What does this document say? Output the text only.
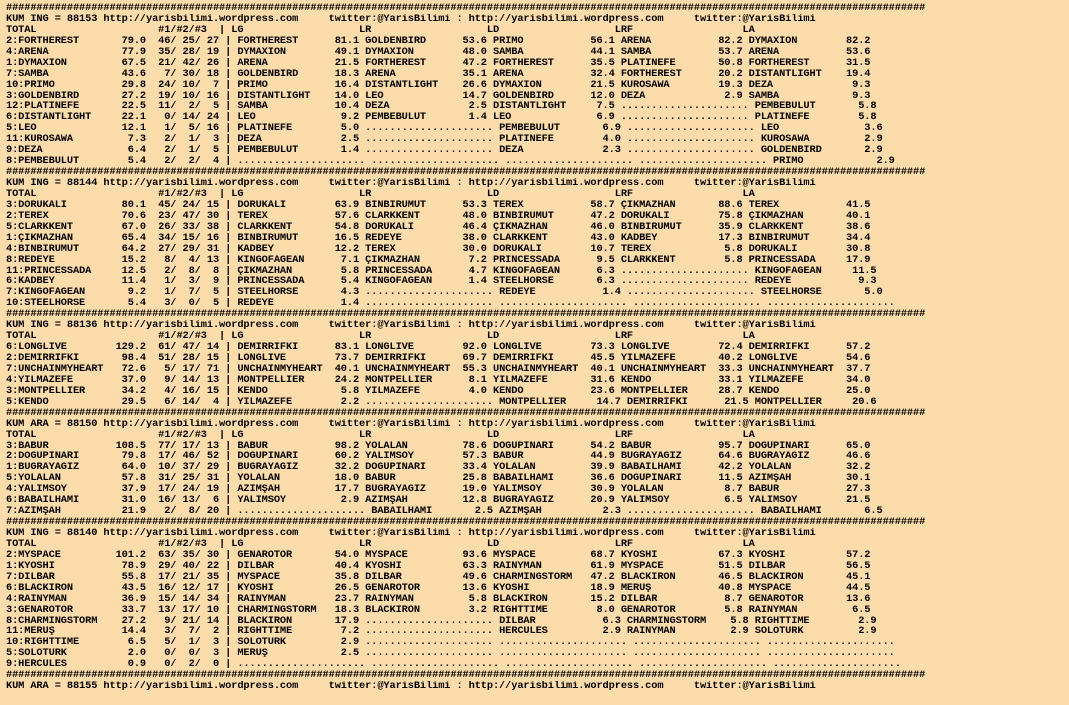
#######################################################################################################################################################
KUM ING = 88153 http://yarisbilimi.wordpress.com     twitter:@YarisBilimi : http://yarisbilimi.wordpress.com     twitter:@YarisBilimi
TOTAL                    #1/#2/#3  | LG                   LR                   LD                   LRF                  LA
2:FORTHEREST       79.0  46/ 25/ 27 | FORTHEREST      81.1 GOLDENBIRD      53.6 PRIMO           56.1 ARENA           82.2 DYMAXION        82.2
4:ARENA            77.9  35/ 28/ 19 | DYMAXION        49.1 DYMAXION        48.0 SAMBA           44.1 SAMBA           53.7 ARENA           53.6
1:DYMAXION         67.5  21/ 42/ 26 | ARENA           21.5 FORTHEREST      47.2 FORTHEREST      35.5 PLATİNEFE       50.8 FORTHEREST      31.5
7:SAMBA            43.6   7/ 30/ 18 | GOLDENBIRD      18.3 ARENA           35.1 ARENA           32.4 FORTHEREST      20.2 DISTANTLIGHT    19.4
10:PRIMO           29.8  24/ 10/  7 | PRIMO           16.4 DISTANTLIGHT    26.6 DYMAXION        21.5 KUROSAWA        19.3 DEZA             9.3
3:GOLDENBIRD       27.2  19/ 10/ 16 | DISTANTLIGHT    14.0 LEO             14.7 GOLDENBIRD      12.0 DEZA             2.9 SAMBA            9.3
12:PLATİNEFE       22.5  11/  2/  5 | SAMBA           10.4 DEZA             2.5 DISTANTLIGHT     7.5 ..................... PEMBEBULUT       5.8
6:DISTANTLIGHT     22.1   0/ 14/ 24 | LEO              9.2 PEMBEBULUT       1.4 LEO              6.9 ..................... PLATİNEFE        5.8
5:LEO              12.1   1/  5/ 16 | PLATİNEFE        5.0 ..................... PEMBEBULUT       6.9 ..................... LEO              3.6
11:KUROSAWA         7.3   2/  1/  3 | DEZA             2.5 ..................... PLATİNEFE        4.0 ..................... KUROSAWA         2.9
9:DEZA              6.4   2/  1/  5 | PEMBEBULUT       1.4 ..................... DEZA             2.3 ..................... GOLDENBIRD       2.9
8:PEMBEBULUT        5.4   2/  2/  4 | ..................... ..................... ..................... ..................... PRIMO            2.9
#######################################################################################################################################################
KUM ING = 88144 http://yarisbilimi.wordpress.com     twitter:@YarisBilimi : http://yarisbilimi.wordpress.com     twitter:@YarisBilimi
TOTAL                    #1/#2/#3  | LG                   LR                   LD                   LRF                  LA
3:DORUKALİ         80.1  45/ 24/ 15 | DORUKALİ        63.9 BİNBİRUMUT      53.3 TEREX           58.7 ÇIKMAZHAN       88.6 TEREX           41.5
2:TEREX            70.6  23/ 47/ 30 | TEREX           57.6 CLARKKENT       48.0 BİNBİRUMUT      47.2 DORUKALİ        75.8 ÇIKMAZHAN       40.1
5:CLARKKENT        67.0  26/ 33/ 38 | CLARKKENT       54.8 DORUKALİ        46.4 ÇIKMAZHAN       46.0 BİNBİRUMUT      35.9 CLARKKENT       38.6
1:ÇIKMAZHAN        65.4  34/ 15/ 16 | BİNBİRUMUT      16.5 REDEYE          38.0 CLARKKENT       43.0 KADBEY          17.3 BİNBİRUMUT      34.4
4:BİNBİRUMUT       64.2  27/ 29/ 31 | KADBEY          12.2 TEREX           30.0 DORUKALİ        10.7 TEREX            5.8 DORUKALİ        30.8
8:REDEYE           15.2   8/  4/ 13 | KINGOFAGEAN      7.1 ÇIKMAZHAN        7.2 PRINCESSADA      9.5 CLARKKENT        5.8 PRINCESSADA     17.9
11:PRINCESSADA     12.5   2/  8/  8 | ÇIKMAZHAN        5.8 PRINCESSADA      4.7 KINGOFAGEAN      6.3 ..................... KINGOFAGEAN     11.5
6:KADBEY           11.4   1/  3/  9 | PRINCESSADA      5.4 KINGOFAGEAN      1.4 STEELHORSE       6.3 ..................... REDEYE           9.3
7:KINGOFAGEAN       9.2   1/  7/  5 | STEELHORSE       4.3 ..................... REDEYE           1.4 ..................... STEELHORSE       5.0
10:STEELHORSE       5.4   3/  0/  5 | REDEYE           1.4 ..................... ..................... ..................... .....................
#######################################################################################################################################################
KUM ING = 88136 http://yarisbilimi.wordpress.com     twitter:@YarisBilimi : http://yarisbilimi.wordpress.com     twitter:@YarisBilimi
TOTAL                    #1/#2/#3  | LG                   LR                   LD                   LRF                  LA
6:LONGLIVE        129.2  61/ 47/ 14 | DEMİRRİFKI      83.1 LONGLIVE        92.0 LONGLIVE        73.3 LONGLIVE        72.4 DEMİRRİFKI      57.2
2:DEMİRRİFKI       98.4  51/ 28/ 15 | LONGLIVE        73.7 DEMİRRİFKI      69.7 DEMİRRİFKI      45.5 YILMAZEFE       40.2 LONGLIVE        54.6
7:UNCHAINMYHEART   72.6   5/ 17/ 71 | UNCHAINMYHEART  40.1 UNCHAINMYHEART  55.3 UNCHAINMYHEART  40.1 UNCHAINMYHEART  33.3 UNCHAINMYHEART  37.7
4:YILMAZEFE        37.0   9/ 14/ 13 | MONTPELLIER     24.2 MONTPELLIER      8.1 YILMAZEFE       31.6 KENDO           33.1 YILMAZEFE       34.0
3:MONTPELLIER      34.2   4/ 16/ 15 | KENDO            5.8 YILMAZEFE        4.0 KENDO           23.6 MONTPELLIER     28.7 KENDO           25.0
5:KENDO            29.5   6/ 14/  4 | YILMAZEFE        2.2 ..................... MONTPELLIER     14.7 DEMİRRİFKI      21.5 MONTPELLIER     20.6
#######################################################################################################################################################
KUM ARA = 88150 http://yarisbilimi.wordpress.com     twitter:@YarisBilimi : http://yarisbilimi.wordpress.com     twitter:@YarisBilimi
TOTAL                    #1/#2/#3  | LG                   LR                   LD                   LRF                  LA
3:BABÜR           108.5  77/ 17/ 13 | BABÜR           98.2 YOLALAN         78.6 DOĞUPINARI      54.2 BABÜR           95.7 DOĞUPINARI      65.0
2:DOĞUPINARI       79.8  17/ 46/ 52 | DOĞUPINARI      60.2 YALIMSOY        57.3 BABÜR           44.9 BUĞRAYAĞIZ      64.6 BUĞRAYAĞIZ      46.6
1:BUĞRAYAĞIZ       64.0  10/ 37/ 29 | BUĞRAYAĞIZ      32.2 DOĞUPINARI      33.4 YOLALAN         39.9 BABAİLHAMİ      42.2 YOLALAN         32.2
5:YOLALAN          57.8  31/ 25/ 31 | YOLALAN         18.0 BABÜR           25.8 BABAİLHAMİ      36.6 DOĞUPINARI      11.5 AZİMŞAH         30.1
4:YALIMSOY         37.9  17/ 24/ 19 | AZİMŞAH         17.7 BUĞRAYAĞIZ      19.0 YALIMSOY        30.9 YOLALAN          8.7 BABÜR           27.3
6:BABAİLHAMİ       31.0  16/ 13/  6 | YALIMSOY         2.9 AZİMŞAH         12.8 BUĞRAYAĞIZ      20.9 YALIMSOY         6.5 YALIMSOY        21.5
7:AZİMŞAH          21.9   2/  8/ 20 | ..................... BABAİLHAMİ       2.5 AZİMŞAH          2.3 ..................... BABAİLHAMİ       6.5
#######################################################################################################################################################
KUM ING = 88140 http://yarisbilimi.wordpress.com     twitter:@YarisBilimi : http://yarisbilimi.wordpress.com     twitter:@YarisBilimi
TOTAL                    #1/#2/#3  | LG                   LR                   LD                   LRF                  LA
2:MYSPACE         101.2  63/ 35/ 30 | GENAROTOR       54.0 MYSPACE         93.6 MYSPACE         68.7 KYOSHI          67.3 KYOSHI          57.2
1:KYOSHI           78.9  29/ 40/ 22 | DİLBAR          40.4 KYOSHI          63.3 RAINYMAN        61.9 MYSPACE         51.5 DİLBAR          56.5
7:DİLBAR           55.8  17/ 21/ 35 | MYSPACE         35.8 DİLBAR          49.6 CHARMINGSTORM   47.2 BLACKIRON       46.5 BLACKIRON       45.1
6:BLACKIRON        43.5  16/ 12/ 17 | KYOSHI          26.5 GENAROTOR       13.6 KYOSHI          18.9 MERUŞ           40.8 MYSPACE         44.5
4:RAINYMAN         36.9  15/ 14/ 34 | RAINYMAN        23.7 RAINYMAN         5.8 BLACKIRON       15.2 DİLBAR           8.7 GENAROTOR       13.6
3:GENAROTOR        33.7  13/ 17/ 10 | CHARMINGSTORM   18.3 BLACKIRON        3.2 RIGHTTIME        8.0 GENAROTOR        5.8 RAINYMAN         6.5
8:CHARMINGSTORM    27.2   9/ 21/ 14 | BLACKIRON       17.9 ..................... DİLBAR           6.3 CHARMINGSTORM    5.8 RIGHTTIME        2.9
11:MERUŞ           14.4   3/  7/  2 | RIGHTTIME        7.2 ..................... HERCULES         2.9 RAINYMAN         2.9 SOLOTÜRK         2.9
10:RIGHTTIME        6.5   5/  1/  3 | SOLOTÜRK         2.9 ..................... ..................... ..................... .....................
5:SOLOTÜRK          2.0   0/  0/  3 | MERUŞ            2.5 ..................... ..................... ..................... .....................
9:HERCULES          0.9   0/  2/  0 | ..................... ..................... ..................... ..................... .....................
#######################################################################################################################################################
KUM ARA = 88155 http://yarisbilimi.wordpress.com     twitter:@YarisBilimi : http://yarisbilimi.wordpress.com     twitter:@YarisBilimi
